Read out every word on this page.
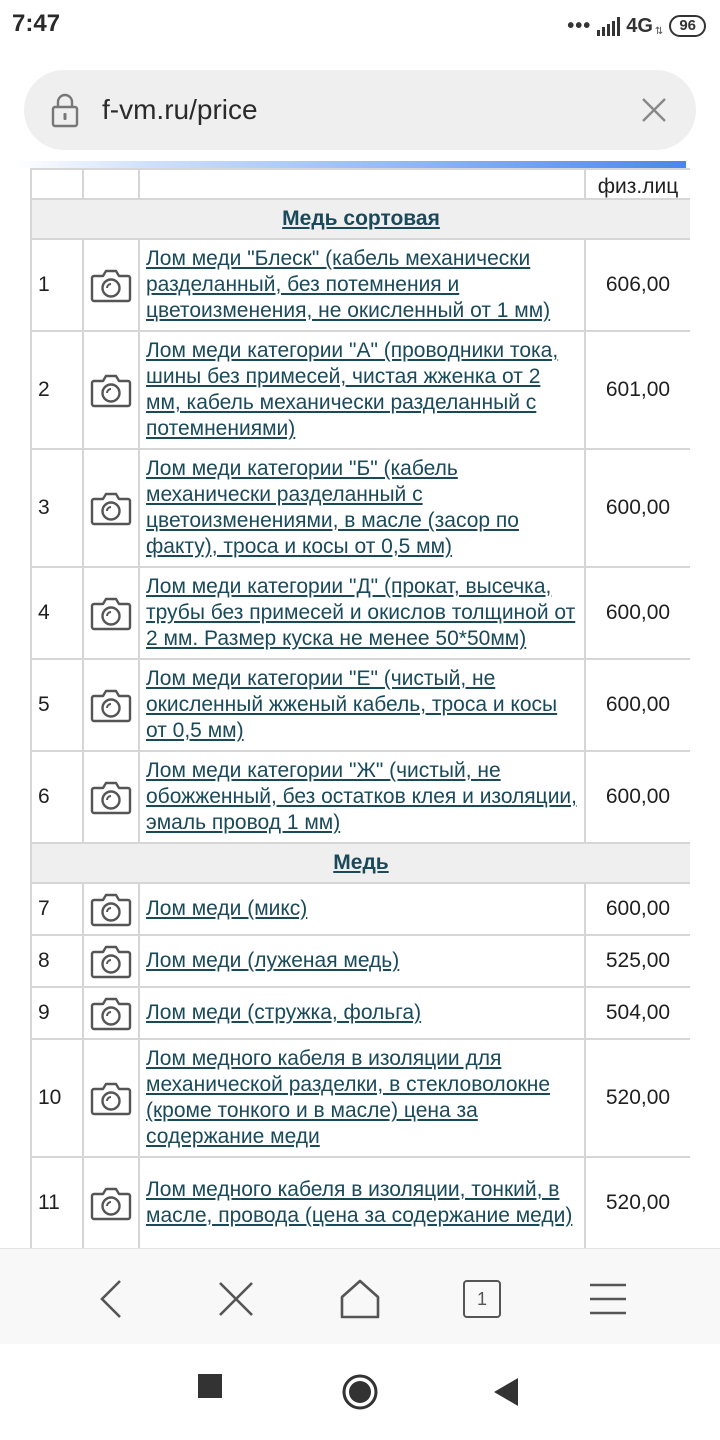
7:47	••• 4G ⇅	96
f-vm.ru/price
			физ.лиц
Медь сортовая			
1		Лом меди "Блеск" (кабель механически разделанный, без потемнения и цветоизменения, не окисленный от 1 мм)	606,00
2		Лом меди категории "А" (проводники тока, шины без примесей, чистая жженка от 2 мм, кабель механически разделанный с потемнениями)	601,00
3		Лом меди категории "Б" (кабель механически разделанный с цветоизменениями, в масле (засор по факту), троса и косы от 0,5 мм)	600,00
4		Лом меди категории "Д" (прокат, высечка, трубы без примесей и окислов толщиной от 2 мм. Размер куска не менее 50*50мм)	600,00
5		Лом меди категории "Е" (чистый, не окисленный жженый кабель, троса и косы от 0,5 мм)	600,00
6		Лом меди категории "Ж" (чистый, не обожженный, без остатков клея и изоляции, эмаль провод 1 мм)	600,00
Медь			
7		Лом меди (микс)	600,00
8		Лом меди (луженая медь)	525,00
9		Лом меди (стружка, фольга)	504,00
10		Лом медного кабеля в изоляции для механической разделки, в стекловолокне (кроме тонкого и в масле) цена за содержание меди	520,00
11		Лом медного кабеля в изоляции, тонкий, в масле, провода (цена за содержание меди)	520,00
1
